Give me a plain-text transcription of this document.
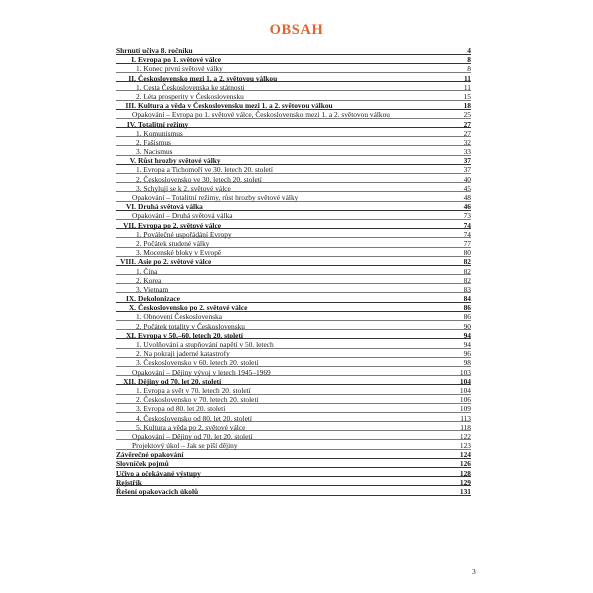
OBSAH
Shrnutí učiva 8. ročníku	4
I. Evropa po 1. světové válce	8
1. Konec první světové války	8
II. Československo mezi 1. a 2. světovou válkou	11
1. Cesta Československa ke státnosti	11
2. Léta prosperity v Československu	15
III. Kultura a věda v Československu mezi 1. a 2. světovou válkou	18
Opakování – Evropa po 1. světové válce, Československo mezi 1. a 2. světovou válkou	25
IV. Totalitní režimy	27
1. Komunismus	27
2. Fašismus	32
3. Nacismus	33
V. Růst hrozby světové války	37
1. Evropa a Tichomoří ve 30. letech 20. století	37
2. Československo ve 30. letech 20. století	40
3. Schylují se k 2. světové válce	45
Opakování – Totalitní režimy, růst hrozby světové války	48
VI. Druhá světová válka	46
Opakování – Druhá světová válka	73
VII. Evropa po 2. světové válce	74
1. Poválečné uspořádání Evropy	74
2. Počátek studené války	77
3. Mocenské bloky v Evropě	80
VIII. Asie po 2. světové válce	82
1. Čína	82
2. Korea	82
3. Vietnam	83
IX. Dekolonizace	84
X. Československo po 2. světové válce	86
1. Obnovení Československa	86
2. Počátek totality v Československu	90
XI. Evropa v 50.–60. letech 20. století	94
1. Uvolňování a stupňování napětí v 50. letech	94
2. Na pokraji jaderné katastrofy	96
3. Československo v 60. letech 20. století	98
Opakování – Dějiny vývoj v letech 1945–1969	103
XII. Dějiny od 70. let 20. století	104
1. Evropa a svět v 70. letech 20. století	104
2. Československo v 70. letech 20. století	106
3. Evropa od 80. let 20. století	109
4. Československo od 80. let 20. století	113
5. Kultura a věda po 2. světové válce	118
Opakování – Dějiny od 70. let 20. století	122
Projektový úkol – Jak se píší dějiny	123
Závěrečné opakování	124
Slovníček pojmů	126
Učivo a očekávané výstupy	128
Rejstřík	129
Řešení opakovacích úkolů	131
3
